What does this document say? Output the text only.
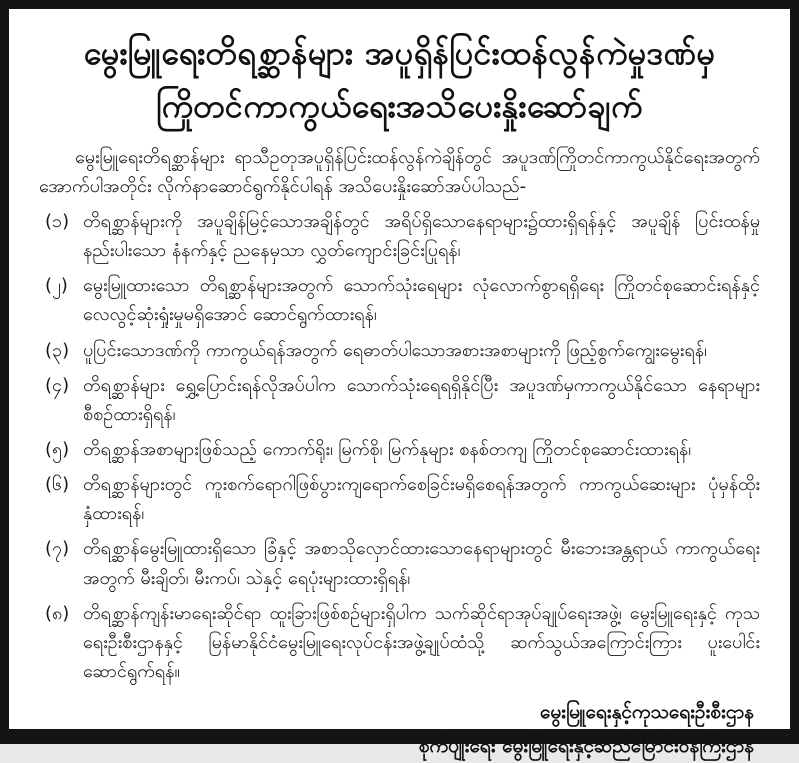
မွေးမြူရေးတိရစ္ဆာန်များ အပူရှိန်ပြင်းထန်လွန်ကဲမှုဒဏ်မှ
ကြိုတင်ကာကွယ်ရေးအသိပေးနှိုးဆော်ချက်

မွေးမြူရေးတိရစ္ဆာန်များ ရာသီဥတုအပူရှိန်ပြင်းထန်လွန်ကဲချိန်တွင် အပူဒဏ်ကြိုတင်ကာကွယ်နိုင်ရေးအတွက် အောက်ပါအတိုင်း လိုက်နာဆောင်ရွက်နိုင်ပါရန် အသိပေးနှိုးဆော်အပ်ပါသည်-

(၁) တိရစ္ဆာန်များကို အပူချိန်မြင့်သောအချိန်တွင် အရိပ်ရှိသောနေရာများ၌ထားရှိရန်နှင့် အပူချိန် ပြင်းထန်မှု နည်းပါးသော နံနက်နှင့် ညနေမှသာ လွှတ်ကျောင်းခြင်းပြုရန်၊
(၂) မွေးမြူထားသော တိရစ္ဆာန်များအတွက် သောက်သုံးရေများ လုံလောက်စွာရရှိရေး ကြိုတင်စုဆောင်းရန်နှင့် လေလွင့်ဆုံးရှုံးမှုမရှိအောင် ဆောင်ရွက်ထားရန်၊
(၃) ပူပြင်းသောဒဏ်ကို ကာကွယ်ရန်အတွက် ရေဓာတ်ပါသောအစားအစာများကို ဖြည့်စွက်ကျွေးမွေးရန်၊
(၄) တိရစ္ဆာန်များ ရွှေ့ပြောင်းရန်လိုအပ်ပါက သောက်သုံးရေရရှိနိုင်ပြီး အပူဒဏ်မှကာကွယ်နိုင်သော နေရာများ စီစဉ်ထားရှိရန်၊
(၅) တိရစ္ဆာန်အစာများဖြစ်သည့် ကောက်ရိုး၊ မြက်စို၊ မြက်နုများ စနစ်တကျ ကြိုတင်စုဆောင်းထားရန်၊
(၆) တိရစ္ဆာန်များတွင် ကူးစက်ရောဂါဖြစ်ပွားကျရောက်စေခြင်းမရှိစေရန်အတွက် ကာကွယ်ဆေးများ ပုံမှန်ထိုးနှံထားရန်၊
(၇) တိရစ္ဆာန်မွေးမြူထားရှိသော ခြံနှင့် အစာသိုလှောင်ထားသောနေရာများတွင် မီးဘေးအန္တရာယ် ကာကွယ်ရေး အတွက် မီးချိတ်၊ မီးကပ်၊ သဲနှင့် ရေပုံးများထားရှိရန်၊
(၈) တိရစ္ဆာန်ကျန်းမာရေးဆိုင်ရာ ထူးခြားဖြစ်စဉ်များရှိပါက သက်ဆိုင်ရာအုပ်ချုပ်ရေးအဖွဲ့၊ မွေးမြူရေးနှင့် ကုသရေးဦးစီးဌာနနှင့် မြန်မာနိုင်ငံမွေးမြူရေးလုပ်ငန်းအဖွဲ့ချုပ်ထံသို့ ဆက်သွယ်အကြောင်းကြား ပူးပေါင်းဆောင်ရွက်ရန်။
မွေးမြူရေးနှင့်ကုသရေးဦးစီးဌာန
စိုက်ပျိုးရေး မွေးမြူရေးနှင့်ဆည်မြောင်းဝန်ကြီးဌာန
